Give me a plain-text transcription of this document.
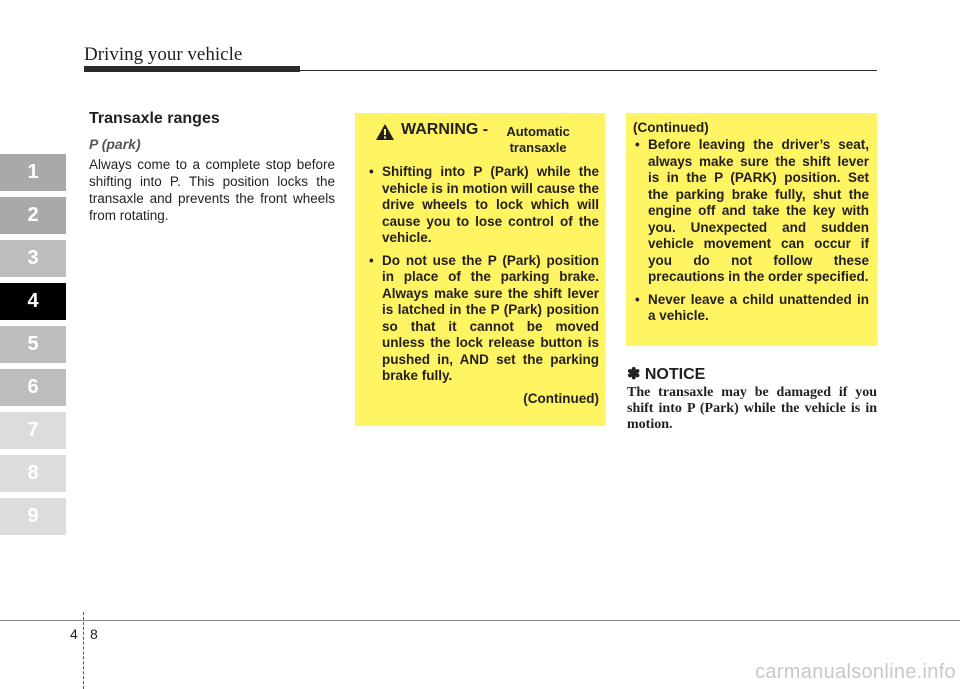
Driving your vehicle
1
2
3
4
5
6
7
8
9
Transaxle ranges
P (park)

Always come to a complete stop before shifting into P. This position locks the transaxle and prevents the front wheels from rotating.

WARNING -	Automatic transaxle
• Shifting into P (Park) while the vehicle is in motion will cause the drive wheels to lock which will cause you to lose control of the vehicle.
• Do not use the P (Park) position in place of the parking brake. Always make sure the shift lever is latched in the P (Park) position so that it cannot be moved unless the lock release button is pushed in, AND set the parking brake fully.
(Continued)
(Continued)
• Before leaving the driver’s seat, always make sure the shift lever is in the P (PARK) position. Set the parking brake fully, shut the engine off and take the key with you. Unexpected and sudden vehicle movement can occur if you do not follow these precautions in the order specified.
• Never leave a child unattended in a vehicle.
✽ NOTICE

The transaxle may be damaged if you shift into P (Park) while the vehicle is in motion.

4 8
carmanualsonline.info
